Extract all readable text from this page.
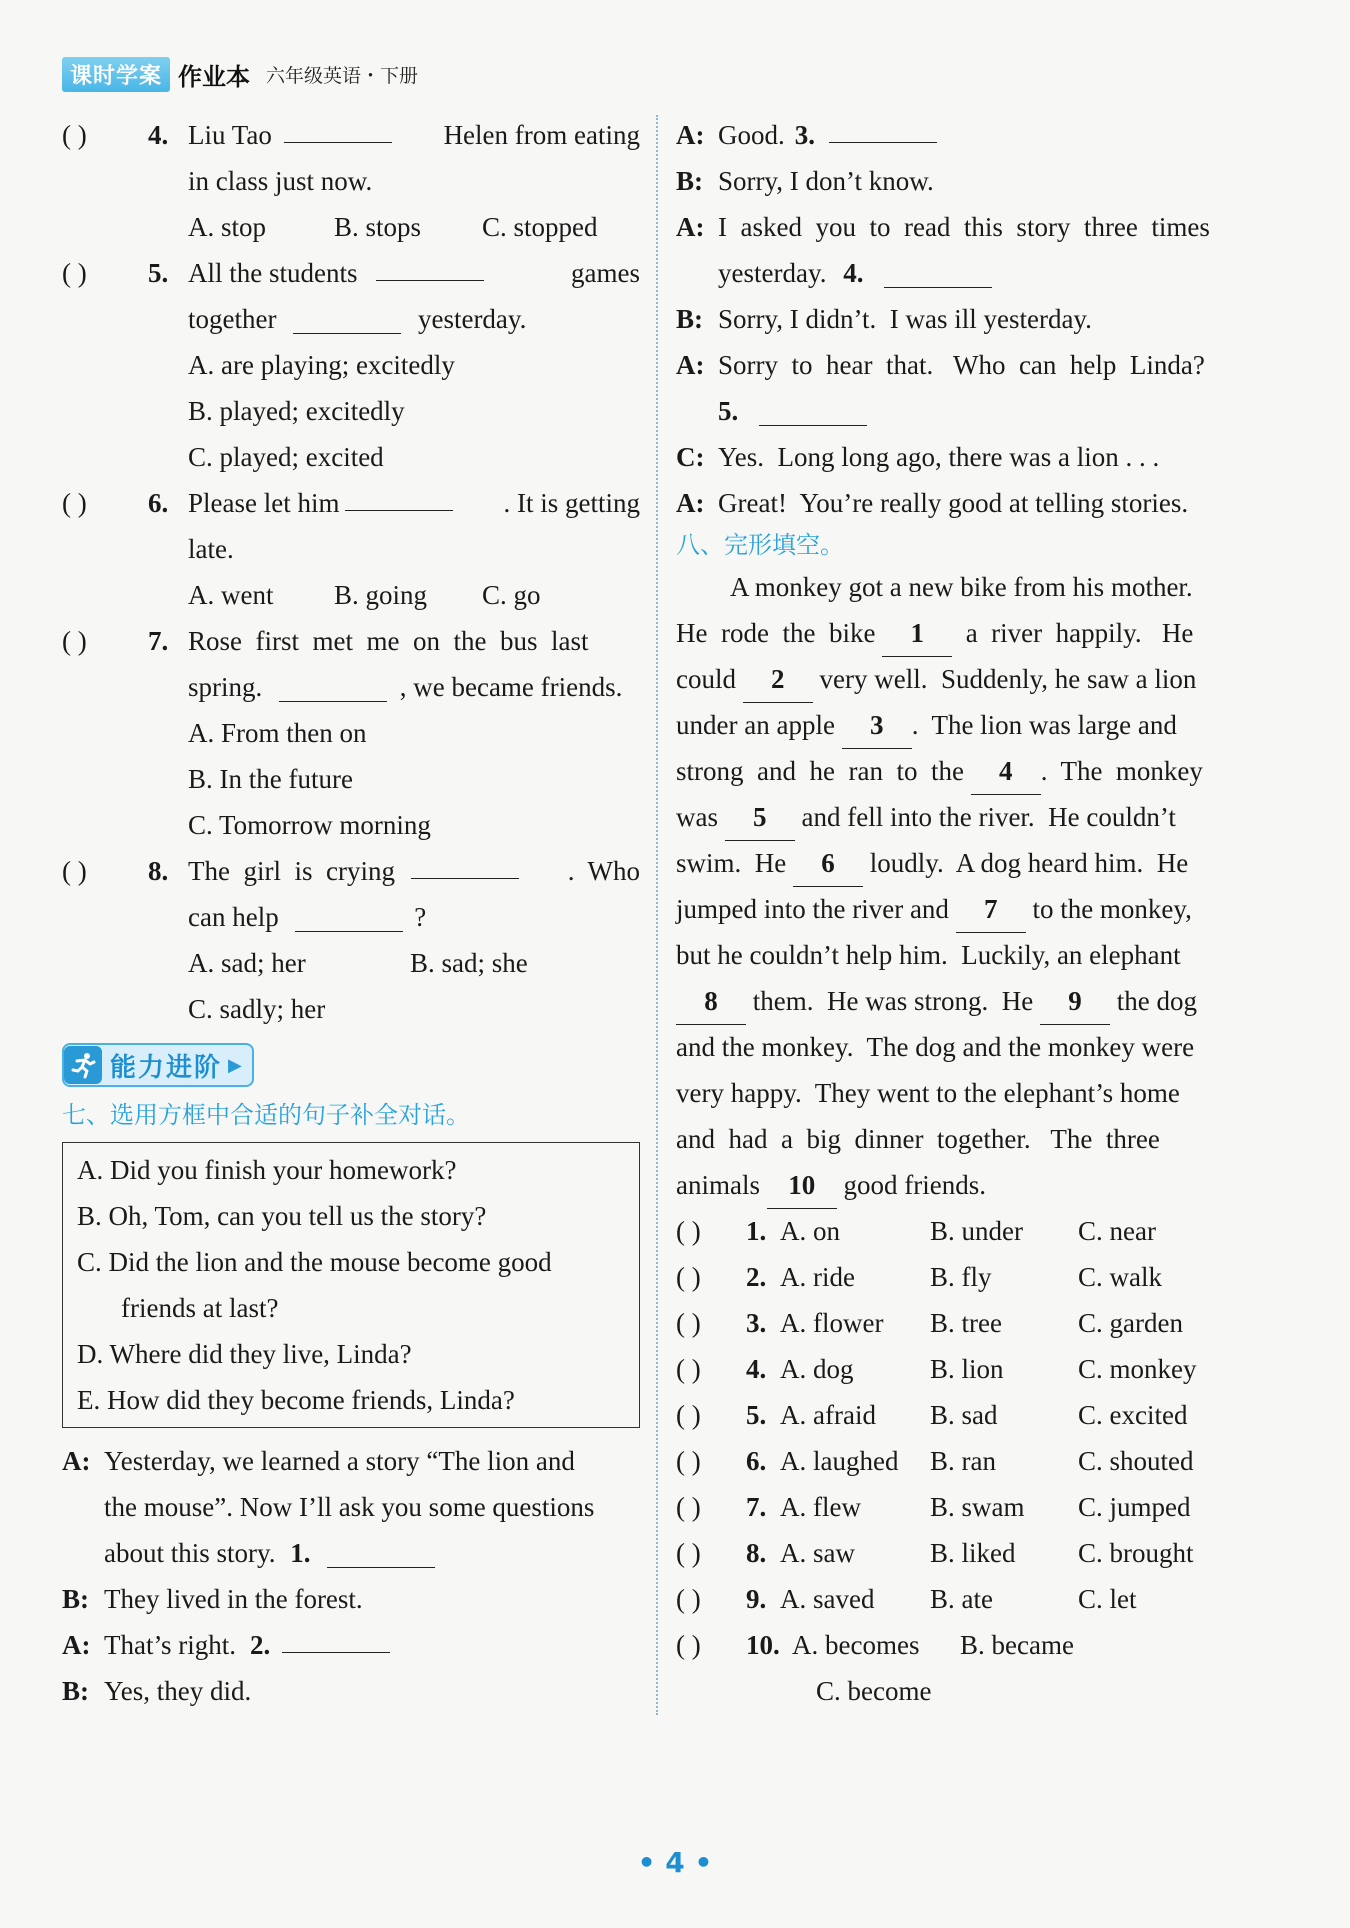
课时学案 作业本 六年级英语・下册
( )	4. Liu Tao	Helen from eating
in class just now.
A. stop	B. stops	C. stopped
( )	5. All the students	games
together	yesterday.
A. are playing; excitedly
B. played; excitedly
C. played; excited
( )	6. Please let him	. It is getting
late.
A. went	B. going	C. go
( )	7. Rose  first  met  me  on  the  bus  last
spring.	, we became friends.
A. From then on
B. In the future
C. Tomorrow morning
( )	8. The  girl  is  crying	.  Who
can help	?
A. sad; her	B. sad; she
C. sadly; her
能力进阶 ▶
七、选用方框中合适的句子补全对话。
A. Did you finish your homework?
B. Oh, Tom, can you tell us the story?
C. Did the lion and the mouse become good
friends at last?
D. Where did they live, Linda?
E. How did they become friends, Linda?
A: Yesterday, we learned a story “The lion and
the mouse”. Now I’ll ask you some questions
about this story. 1.
B: They lived in the forest.
A: That’s right. 2.
B: Yes, they did.
A: Good. 3.
B: Sorry, I don’t know.
A: I  asked  you  to  read  this  story  three  times
yesterday. 4.
B: Sorry, I didn’t.  I was ill yesterday.
A: Sorry  to  hear  that.   Who  can  help  Linda?
5.
C: Yes.  Long long ago, there was a lion . . .
A: Great!  You’re really good at telling stories.
八、完形填空。
A monkey got a new bike from his mother.
He  rode  the  bike 1  a  river  happily.   He
could 2 very well.  Suddenly, he saw a lion
under an apple 3 .  The lion was large and
strong  and  he  ran  to  the 4 .  The  monkey
was 5 and fell into the river.  He couldn’t
swim.  He 6 loudly.  A dog heard him.  He
jumped into the river and 7 to the monkey,
but he couldn’t help him.  Luckily, an elephant
8 them.  He was strong.  He 9 the dog
and the monkey.  The dog and the monkey were
very happy.  They went to the elephant’s home
and  had  a  big  dinner  together.   The  three
animals 10 good friends.
( )	1. A. on	B. under	C. near
( )	2. A. ride	B. fly	C. walk
( )	3. A. flower	B. tree	C. garden
( )	4. A. dog	B. lion	C. monkey
( )	5. A. afraid	B. sad	C. excited
( )	6. A. laughed	B. ran	C. shouted
( )	7. A. flew	B. swam	C. jumped
( )	8. A. saw	B. liked	C. brought
( )	9. A. saved	B. ate	C. let
( )	10. A. becomes	B. became
C. become
• 4 •
